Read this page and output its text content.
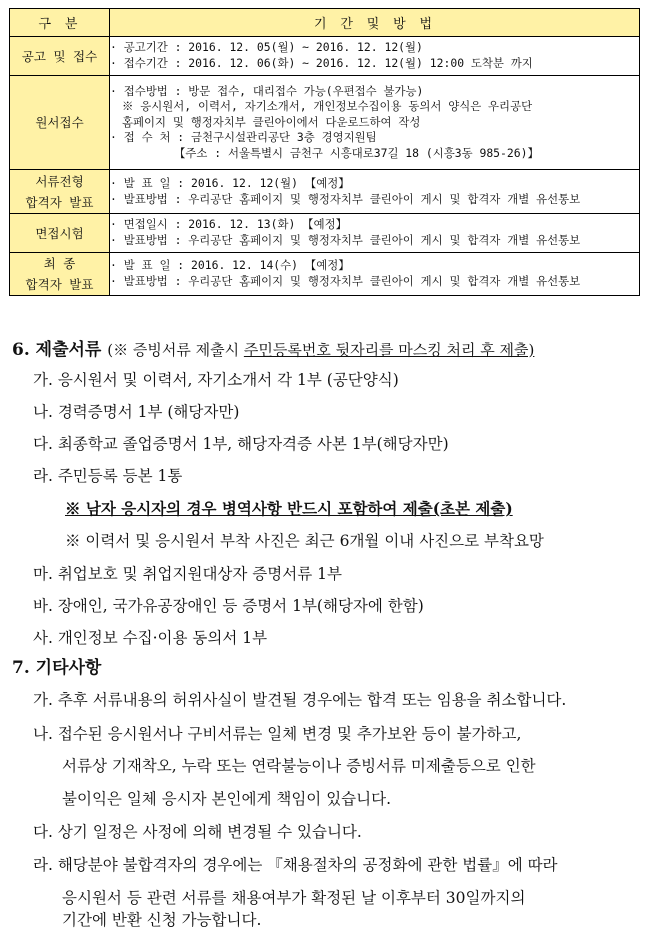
구 분	기 간 및 방 법

공고 및 접수	· 공고기간 : 2016. 12. 05(월) ~ 2016. 12. 12(월)
· 접수기간 : 2016. 12. 06(화) ~ 2016. 12. 12(월) 12:00 도착분 까지

원서접수	· 접수방법 : 방문 접수, 대리접수 가능(우편접수 불가능)
※ 응시원서, 이력서, 자기소개서, 개인정보수집이용 동의서 양식은 우리공단
홈페이지 및 행정자치부 클린아이에서 다운로드하여 작성
· 접 수 처 : 금천구시설관리공단 3층 경영지원팀
【주소 : 서울특별시 금천구 시흥대로37길 18 (시흥3동 985-26)】

서류전형
합격자 발표	· 발 표 일 : 2016. 12. 12(월) 【예정】
· 발표방법 : 우리공단 홈페이지 및 행정자치부 클린아이 게시 및 합격자 개별 유선통보

면접시험	· 면접일시 : 2016. 12. 13(화) 【예정】
· 발표방법 : 우리공단 홈페이지 및 행정자치부 클린아이 게시 및 합격자 개별 유선통보

최 종
합격자 발표	· 발 표 일 : 2016. 12. 14(수) 【예정】
· 발표방법 : 우리공단 홈페이지 및 행정자치부 클린아이 게시 및 합격자 개별 유선통보
6. 제출서류 (※ 증빙서류 제출시 주민등록번호 뒷자리를 마스킹 처리 후 제출)
가. 응시원서 및 이력서, 자기소개서 각 1부 (공단양식)
나. 경력증명서 1부 (해당자만)
다. 최종학교 졸업증명서 1부, 해당자격증 사본 1부(해당자만)
라. 주민등록 등본 1통
※ 남자 응시자의 경우 병역사항 반드시 포함하여 제출(초본 제출)
※ 이력서 및 응시원서 부착 사진은 최근 6개월 이내 사진으로 부착요망
마. 취업보호 및 취업지원대상자 증명서류 1부
바. 장애인, 국가유공장애인 등 증명서 1부(해당자에 한함)
사. 개인정보 수집·이용 동의서 1부
7. 기타사항
가. 추후 서류내용의 허위사실이 발견될 경우에는 합격 또는 임용을 취소합니다.
나. 접수된 응시원서나 구비서류는 일체 변경 및 추가보완 등이 불가하고,
서류상 기재착오, 누락 또는 연락불능이나 증빙서류 미제출등으로 인한
불이익은 일체 응시자 본인에게 책임이 있습니다.
다. 상기 일정은 사정에 의해 변경될 수 있습니다.
라. 해당분야 불합격자의 경우에는 『채용절차의 공정화에 관한 법률』에 따라
응시원서 등 관련 서류를 채용여부가 확정된 날 이후부터 30일까지의
기간에 반환 신청 가능합니다.
